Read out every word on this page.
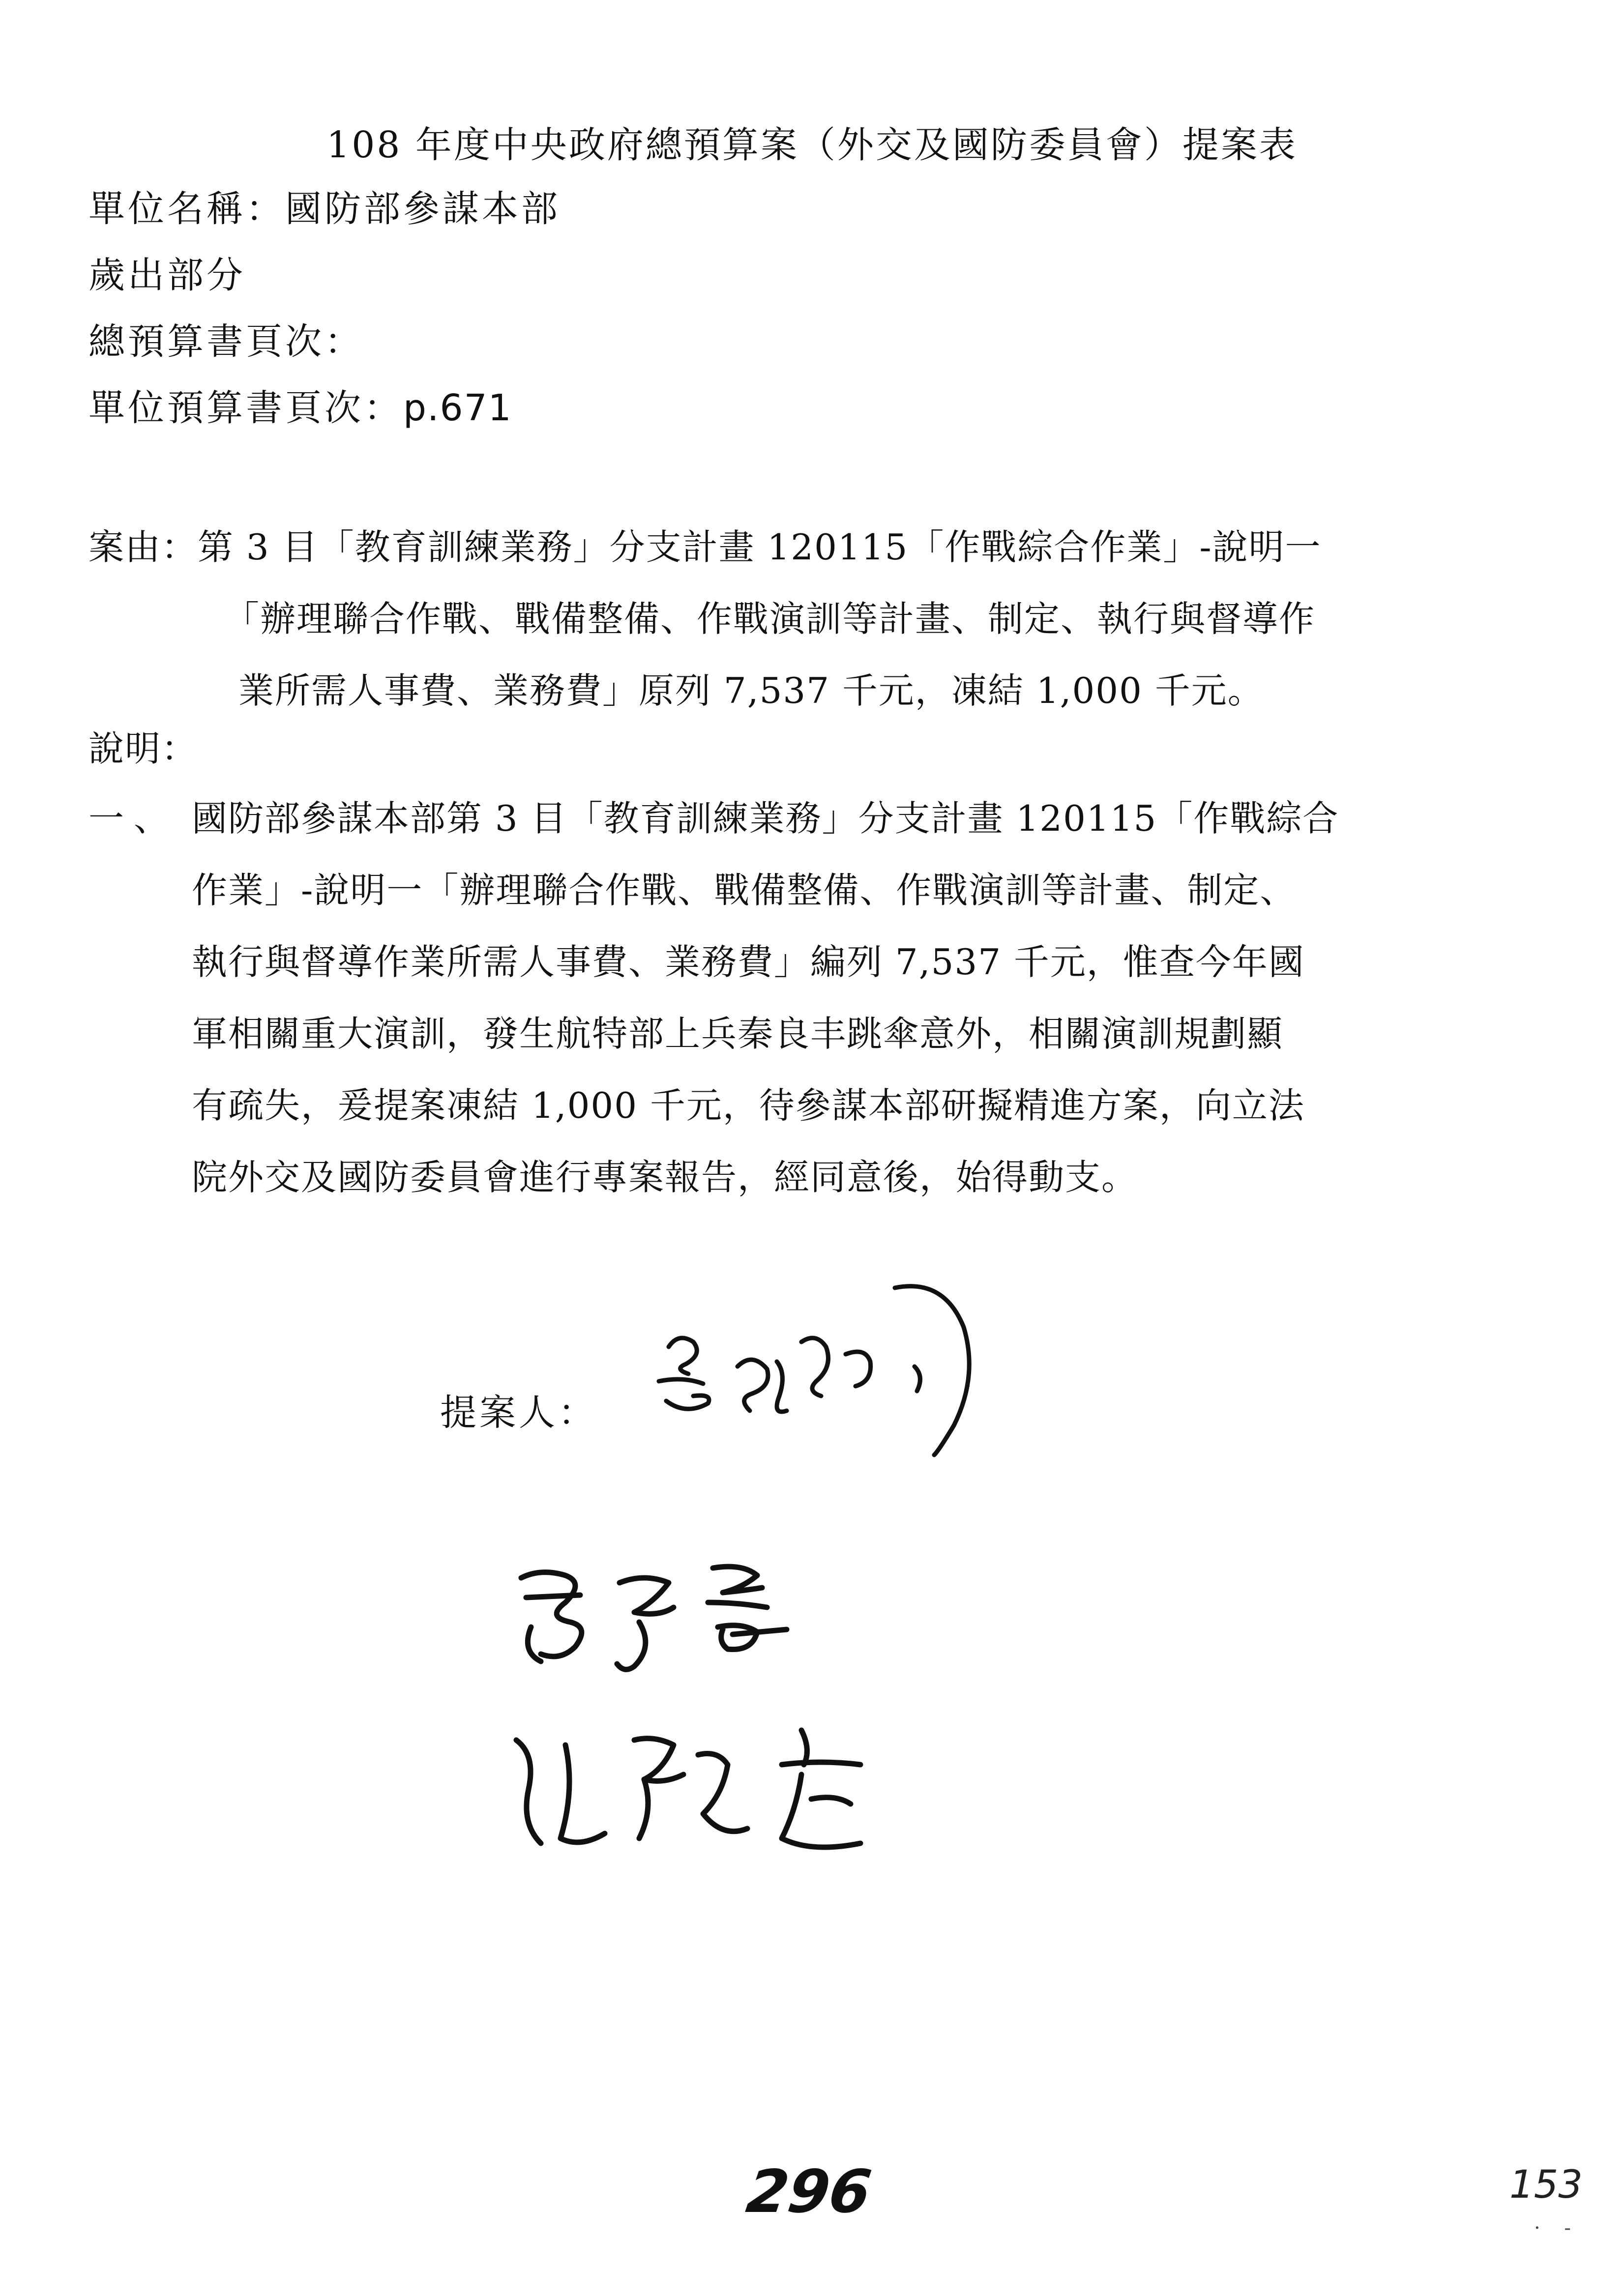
108 年度中央政府總預算案（外交及國防委員會）提案表
單位名稱：國防部參謀本部
歲出部分
總預算書頁次：
單位預算書頁次：p.671
案由：第 3 目「教育訓練業務」分支計畫 120115「作戰綜合作業」-說明一
「辦理聯合作戰、戰備整備、作戰演訓等計畫、制定、執行與督導作
業所需人事費、業務費」原列 7,537 千元，凍結 1,000 千元。
說明：
一、 國防部參謀本部第 3 目「教育訓練業務」分支計畫 120115「作戰綜合
作業」-說明一「辦理聯合作戰、戰備整備、作戰演訓等計畫、制定、
執行與督導作業所需人事費、業務費」編列 7,537 千元，惟查今年國
軍相關重大演訓，發生航特部上兵秦良丰跳傘意外，相關演訓規劃顯
有疏失，爰提案凍結 1,000 千元，待參謀本部研擬精進方案，向立法
院外交及國防委員會進行專案報告，經同意後，始得動支。
提案人：
296	153
· -
